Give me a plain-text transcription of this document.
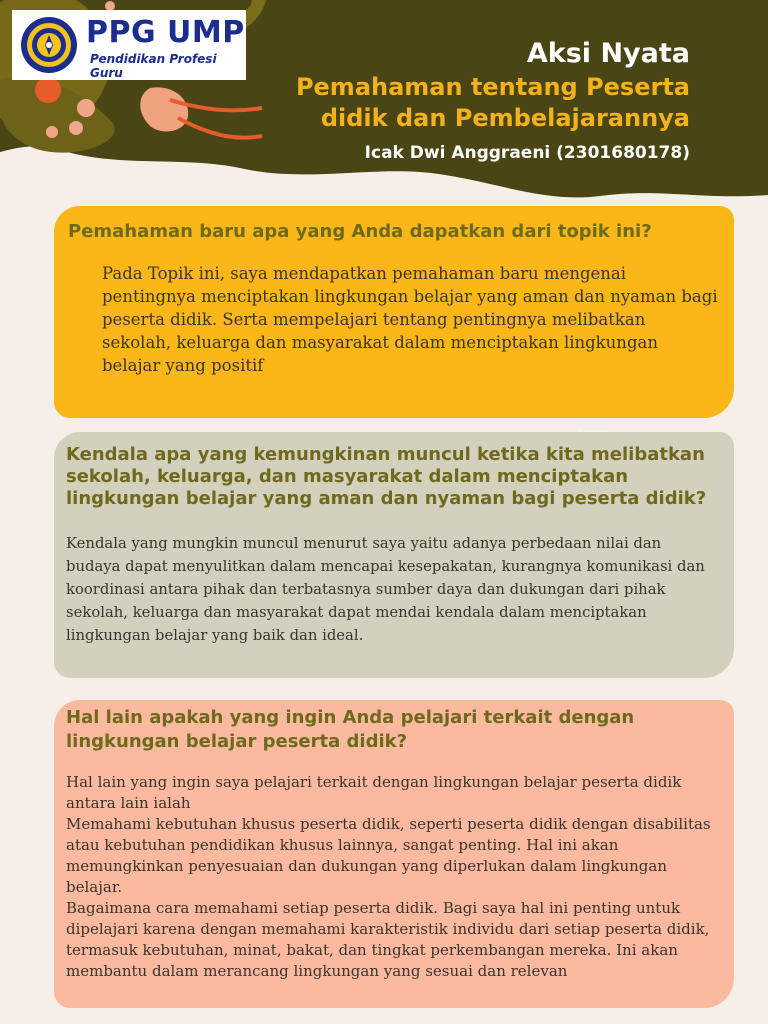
PPG UMP
Pendidikan Profesi Guru
Aksi Nyata
Pemahaman tentang Peserta didik dan Pembelajarannya
Icak Dwi Anggraeni (2301680178)
Pemahaman baru apa yang Anda dapatkan dari topik ini?

Pada Topik ini, saya mendapatkan pemahaman baru mengenai pentingnya menciptakan lingkungan belajar yang aman dan nyaman bagi peserta didik. Serta mempelajari tentang pentingnya melibatkan sekolah, keluarga dan masyarakat dalam menciptakan lingkungan belajar yang positif

Kendala apa yang kemungkinan muncul ketika kita melibatkan sekolah, keluarga, dan masyarakat dalam menciptakan lingkungan belajar yang aman dan nyaman bagi peserta didik?

Kendala yang mungkin muncul menurut saya yaitu adanya perbedaan nilai dan budaya dapat menyulitkan dalam mencapai kesepakatan, kurangnya komunikasi dan koordinasi antara pihak dan terbatasnya sumber daya dan dukungan dari pihak sekolah, keluarga dan masyarakat dapat mendai kendala dalam menciptakan lingkungan belajar yang baik dan ideal.

Hal lain apakah yang ingin Anda pelajari terkait dengan lingkungan belajar peserta didik?

Hal lain yang ingin saya pelajari terkait dengan lingkungan belajar peserta didik antara lain ialah
Memahami kebutuhan khusus peserta didik, seperti peserta didik dengan disabilitas atau kebutuhan pendidikan khusus lainnya, sangat penting. Hal ini akan memungkinkan penyesuaian dan dukungan yang diperlukan dalam lingkungan belajar.
Bagaimana cara memahami setiap peserta didik. Bagi saya hal ini penting untuk dipelajari karena dengan memahami karakteristik individu dari setiap peserta didik, termasuk kebutuhan, minat, bakat, dan tingkat perkembangan mereka. Ini akan membantu dalam merancang lingkungan yang sesuai dan relevan
